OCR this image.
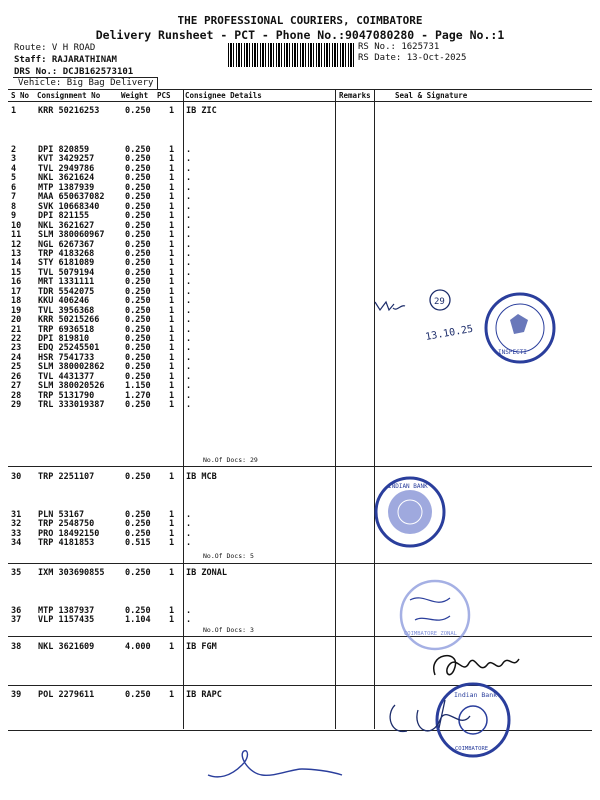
THE PROFESSIONAL COURIERS, COIMBATORE
Delivery Runsheet - PCT - Phone No.:9047080280 - Page No.:1
Route: V H ROAD
Staff: RAJARATHINAM
DRS No.: DCJB162573101
Vehicle: Big Bag Delivery
RS No.: 1625731
RS Date: 13-Oct-2025
S No Consignment No	Weight PCS Consignee Details	Remarks	Seal & Signature
1	KRR 50216253	0.250 1 IB ZIC
2	DPI 820859	0.250 1 .
3	KVT 3429257	0.250 1 .
4	TVL 2949786	0.250 1 .
5	NKL 3621624	0.250 1 .
6	MTP 1387939	0.250 1 .
7	MAA 650637082 0.250 1 .
8	SVK 10668340	0.250 1 .
9	DPI 821155	0.250 1 .
10 NKL 3621627	0.250 1 .
11 SLM 380060967 0.250 1 .
12 NGL 6267367	0.250 1 .
13 TRP 4183268	0.250 1 .
14 STY 6181089	0.250 1 .
15 TVL 5079194	0.250 1 .
16 MRT 1331111	0.250 1 .
17 TDR 5542075	0.250 1 .
18 KKU 406246	0.250 1 .
19 TVL 3956368	0.250 1 .
20 KRR 50215266	0.250 1 .
21 TRP 6936518	0.250 1 .
22 DPI 819810	0.250 1 .
23 EDQ 25245501	0.250 1 .
24 HSR 7541733	0.250 1 .
25 SLM 380002862 0.250 1 .
26 TVL 4431377	0.250 1 .
27 SLM 380020526 1.150 1 .
28 TRP 5131790	1.270 1 .
29 TRL 333019387 0.250 1 .
No.Of Docs: 29
30 TRP 2251107	0.250 1 IB MCB
31 PLN 53167	0.250 1 .
32 TRP 2548750	0.250 1 .
33 PRO 18492150	0.250 1 .
34 TRP 4181853	0.515 1 .
No.Of Docs: 5
35 IXM 303690855 0.250 1 IB ZONAL
36 MTP 1387937	0.250 1 .
37 VLP 1157435	1.104 1 .
No.Of Docs: 3
38 NKL 3621609	4.000 1 IB FGM
39 POL 2279611	0.250 1 IB RAPC
29
13.10.25
INSPECTI
INDIAN BANK
COIMBATORE ZONAL
Indian Bank
COIMBATORE
